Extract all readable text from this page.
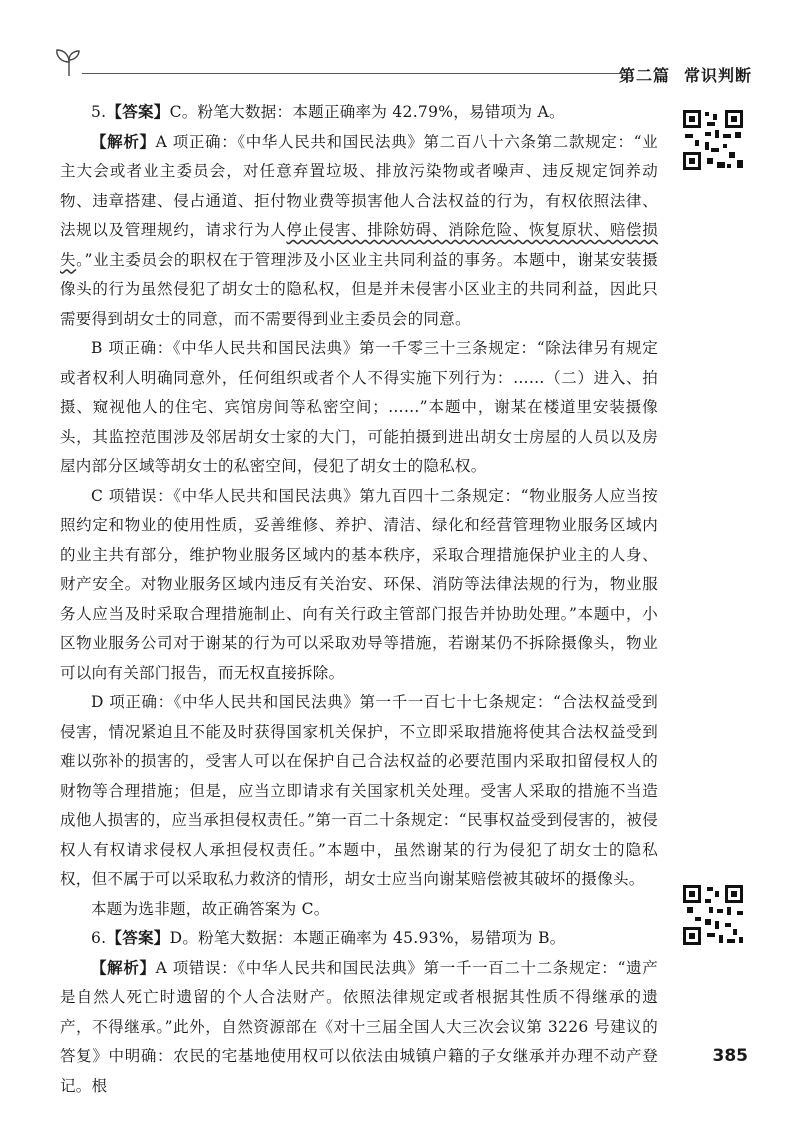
第二篇 常识判断

5.【答案】C。粉笔大数据：本题正确率为 42.79%，易错项为 A。

【解析】A 项正确：《中华人民共和国民法典》第二百八十六条第二款规定：“业主大会或者业主委员会，对任意弃置垃圾、排放污染物或者噪声、违反规定饲养动物、违章搭建、侵占通道、拒付物业费等损害他人合法权益的行为，有权依照法律、法规以及管理规约，请求行为人停止侵害、排除妨碍、消除危险、恢复原状、赔偿损失。”业主委员会的职权在于管理涉及小区业主共同利益的事务。本题中，谢某安装摄像头的行为虽然侵犯了胡女士的隐私权，但是并未侵害小区业主的共同利益，因此只需要得到胡女士的同意，而不需要得到业主委员会的同意。

B 项正确：《中华人民共和国民法典》第一千零三十三条规定：“除法律另有规定或者权利人明确同意外，任何组织或者个人不得实施下列行为：……（二）进入、拍摄、窥视他人的住宅、宾馆房间等私密空间；……”本题中，谢某在楼道里安装摄像头，其监控范围涉及邻居胡女士家的大门，可能拍摄到进出胡女士房屋的人员以及房屋内部分区域等胡女士的私密空间，侵犯了胡女士的隐私权。

C 项错误：《中华人民共和国民法典》第九百四十二条规定：“物业服务人应当按照约定和物业的使用性质，妥善维修、养护、清洁、绿化和经营管理物业服务区域内的业主共有部分，维护物业服务区域内的基本秩序，采取合理措施保护业主的人身、财产安全。对物业服务区域内违反有关治安、环保、消防等法律法规的行为，物业服务人应当及时采取合理措施制止、向有关行政主管部门报告并协助处理。”本题中，小区物业服务公司对于谢某的行为可以采取劝导等措施，若谢某仍不拆除摄像头，物业可以向有关部门报告，而无权直接拆除。

D 项正确：《中华人民共和国民法典》第一千一百七十七条规定：“合法权益受到侵害，情况紧迫且不能及时获得国家机关保护，不立即采取措施将使其合法权益受到难以弥补的损害的，受害人可以在保护自己合法权益的必要范围内采取扣留侵权人的财物等合理措施；但是，应当立即请求有关国家机关处理。受害人采取的措施不当造成他人损害的，应当承担侵权责任。”第一百二十条规定：“民事权益受到侵害的，被侵权人有权请求侵权人承担侵权责任。”本题中，虽然谢某的行为侵犯了胡女士的隐私权，但不属于可以采取私力救济的情形，胡女士应当向谢某赔偿被其破坏的摄像头。

本题为选非题，故正确答案为 C。

6.【答案】D。粉笔大数据：本题正确率为 45.93%，易错项为 B。

【解析】A 项错误：《中华人民共和国民法典》第一千一百二十二条规定：“遗产是自然人死亡时遗留的个人合法财产。依照法律规定或者根据其性质不得继承的遗产，不得继承。”此外，自然资源部在《对十三届全国人大三次会议第 3226 号建议的答复》中明确：农民的宅基地使用权可以依法由城镇户籍的子女继承并办理不动产登记。根

385
